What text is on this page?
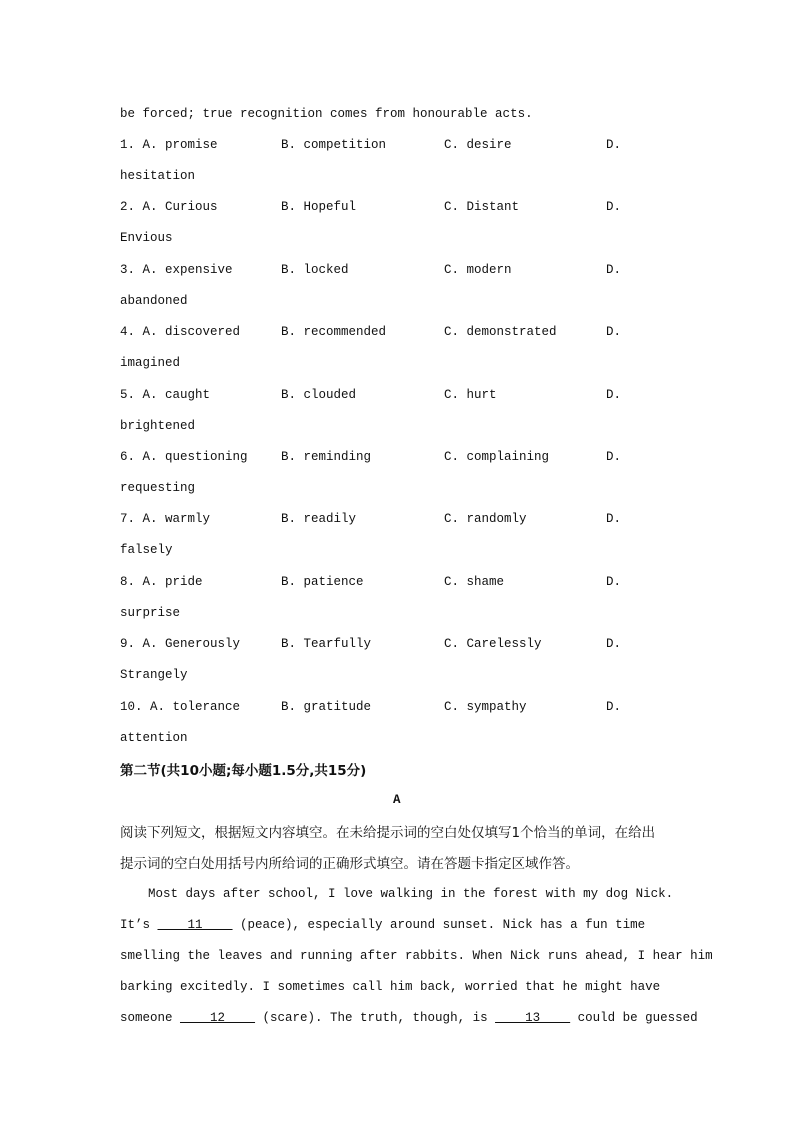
be forced; true recognition comes from honourable acts.
1. A. promise	B. competition	C. desire	D.
hesitation
2. A. Curious	B. Hopeful	C. Distant	D.
Envious
3. A. expensive	B. locked	C. modern	D.
abandoned
4. A. discovered	B. recommended	C. demonstrated	D.
imagined
5. A. caught	B. clouded	C. hurt	D.
brightened
6. A. questioning	B. reminding	C. complaining	D.
requesting
7. A. warmly	B. readily	C. randomly	D.
falsely
8. A. pride	B. patience	C. shame	D.
surprise
9. A. Generously	B. Tearfully	C. Carelessly	D.
Strangely
10. A. tolerance	B. gratitude	C. sympathy	D.
attention
第二节(共10小题;每小题1.5分,共15分)
A
阅读下列短文，根据短文内容填空。在未给提示词的空白处仅填写1个恰当的单词，在给出
提示词的空白处用括号内所给词的正确形式填空。请在答题卡指定区域作答。
Most days after school, I love walking in the forest with my dog Nick.
It’s ____11____ (peace), especially around sunset. Nick has a fun time
smelling the leaves and running after rabbits. When Nick runs ahead, I hear him
barking excitedly. I sometimes call him back, worried that he might have
someone ____12____ (scare). The truth, though, is ____13____ could be guessed
